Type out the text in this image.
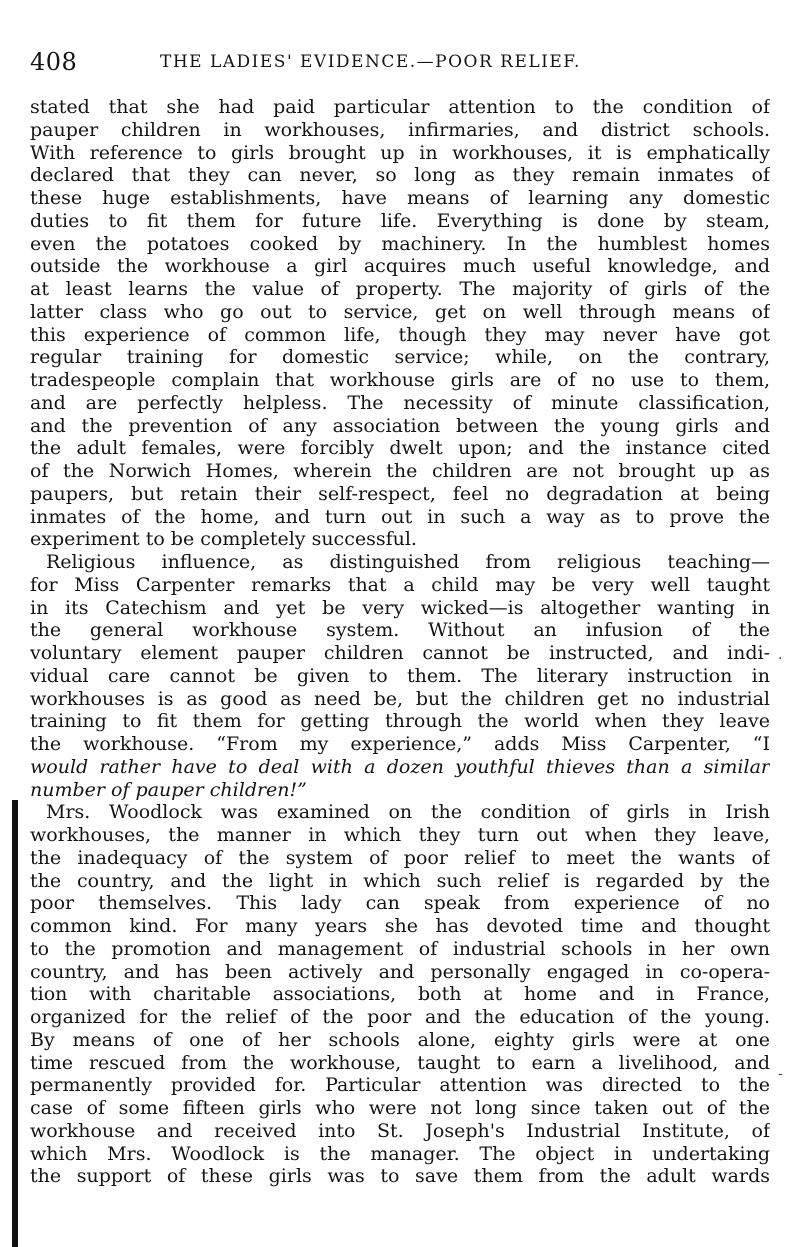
408	THE LADIES' EVIDENCE.—POOR RELIEF.
·
-
stated that she had paid particular attention to the condition of
pauper children in workhouses, infirmaries, and district schools.
With reference to girls brought up in workhouses, it is emphatically
declared that they can never, so long as they remain inmates of
these huge establishments, have means of learning any domestic
duties to fit them for future life. Everything is done by steam,
even the potatoes cooked by machinery. In the humblest homes
outside the workhouse a girl acquires much useful knowledge, and
at least learns the value of property. The majority of girls of the
latter class who go out to service, get on well through means of
this experience of common life, though they may never have got
regular training for domestic service; while, on the contrary,
tradespeople complain that workhouse girls are of no use to them,
and are perfectly helpless. The necessity of minute classification,
and the prevention of any association between the young girls and
the adult females, were forcibly dwelt upon; and the instance cited
of the Norwich Homes, wherein the children are not brought up as
paupers, but retain their self-respect, feel no degradation at being
inmates of the home, and turn out in such a way as to prove the
experiment to be completely successful.
Religious influence, as distinguished from religious teaching—
for Miss Carpenter remarks that a child may be very well taught
in its Catechism and yet be very wicked—is altogether wanting in
the general workhouse system. Without an infusion of the
voluntary element pauper children cannot be instructed, and indi-
vidual care cannot be given to them. The literary instruction in
workhouses is as good as need be, but the children get no industrial
training to fit them for getting through the world when they leave
the workhouse. “From my experience,” adds Miss Carpenter, “I
would rather have to deal with a dozen youthful thieves than a similar
number of pauper children!”
Mrs. Woodlock was examined on the condition of girls in Irish
workhouses, the manner in which they turn out when they leave,
the inadequacy of the system of poor relief to meet the wants of
the country, and the light in which such relief is regarded by the
poor themselves. This lady can speak from experience of no
common kind. For many years she has devoted time and thought
to the promotion and management of industrial schools in her own
country, and has been actively and personally engaged in co-opera-
tion with charitable associations, both at home and in France,
organized for the relief of the poor and the education of the young.
By means of one of her schools alone, eighty girls were at one
time rescued from the workhouse, taught to earn a livelihood, and
permanently provided for. Particular attention was directed to the
case of some fifteen girls who were not long since taken out of the
workhouse and received into St. Joseph's Industrial Institute, of
which Mrs. Woodlock is the manager. The object in undertaking
the support of these girls was to save them from the adult wards
